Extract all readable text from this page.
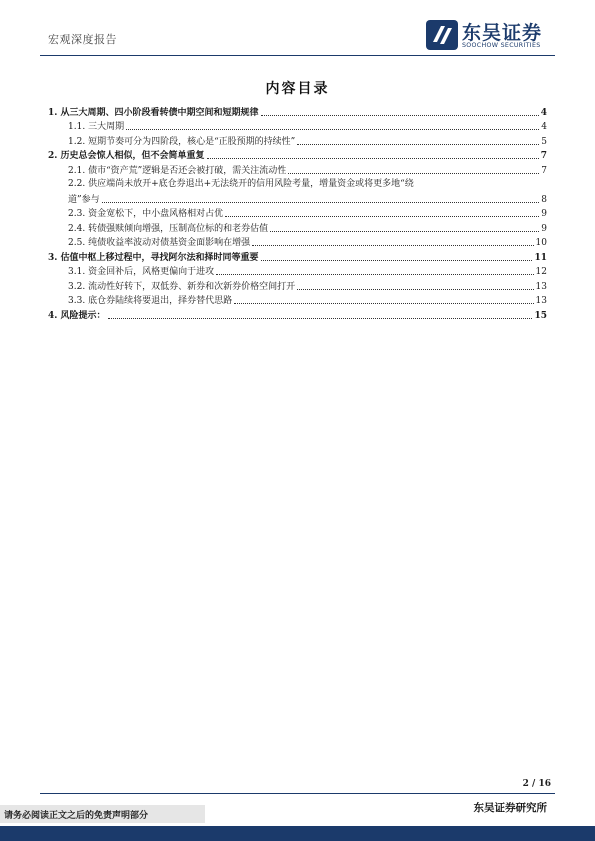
宏观深度报告	东吴证券
SOOCHOW SECURITIES
内容目录
1. 从三大周期、四小阶段看转债中期空间和短期规律	4
1.1. 三大周期	4
1.2. 短期节奏可分为四阶段，核心是“正股预期的持续性”	5
2. 历史总会惊人相似，但不会简单重复	7
2.1. 债市“资产荒”逻辑是否还会被打破，需关注流动性	7
2.2. 供应端尚未放开+底仓券退出+无法绕开的信用风险考量，增量资金或将更多地“绕
道”参与	8
2.3. 资金宽松下，中小盘风格相对占优	9
2.4. 转债强赎倾向增强，压制高位标的和老券估值	9
2.5. 纯债收益率波动对债基资金面影响在增强	10
3. 估值中枢上移过程中，寻找阿尔法和择时同等重要	11
3.1. 资金回补后，风格更偏向于进攻	12
3.2. 流动性好转下，双低券、新券和次新券价格空间打开	13
3.3. 底仓券陆续将要退出，择券替代思路	13
4. 风险提示：	15
2 / 16
东吴证券研究所
请务必阅读正文之后的免责声明部分
